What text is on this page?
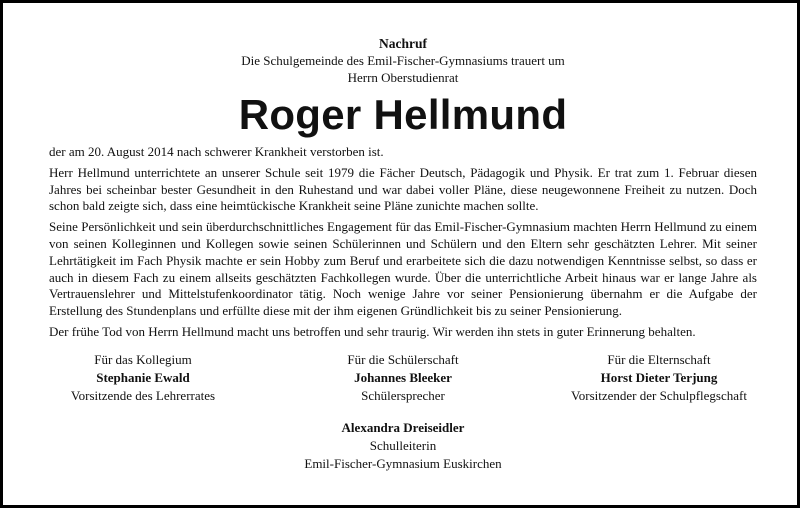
Nachruf
Die Schulgemeinde des Emil-Fischer-Gymnasiums trauert um
Herrn Oberstudienrat
Roger Hellmund

der am 20. August 2014 nach schwerer Krankheit verstorben ist.

Herr Hellmund unterrichtete an unserer Schule seit 1979 die Fächer Deutsch, Pädagogik und Physik. Er trat zum 1. Februar diesen Jahres bei scheinbar bester Gesundheit in den Ruhestand und war dabei voller Pläne, diese neugewonnene Freiheit zu nutzen. Doch schon bald zeigte sich, dass eine heimtückische Krankheit seine Pläne zunichte machen sollte.

Seine Persönlichkeit und sein überdurchschnittliches Engagement für das Emil-Fischer-Gymnasium machten Herrn Hellmund zu einem von seinen Kolleginnen und Kollegen sowie seinen Schülerinnen und Schülern und den Eltern sehr geschätzten Lehrer. Mit seiner Lehrtätigkeit im Fach Physik machte er sein Hobby zum Beruf und erarbeitete sich die dazu notwendigen Kenntnisse selbst, so dass er auch in diesem Fach zu einem allseits geschätzten Fachkollegen wurde. Über die unterrichtliche Arbeit hinaus war er lange Jahre als Vertrauenslehrer und Mittelstufenkoordinator tätig. Noch wenige Jahre vor seiner Pensionierung übernahm er die Aufgabe der Erstellung des Stundenplans und erfüllte diese mit der ihm eigenen Gründlichkeit bis zu seiner Pensionierung.

Der frühe Tod von Herrn Hellmund macht uns betroffen und sehr traurig. Wir werden ihn stets in guter Erinnerung behalten.

Für das Kollegium
Stephanie Ewald
Vorsitzende des Lehrerrates
Für die Schülerschaft
Johannes Bleeker
Schülersprecher
Für die Elternschaft
Horst Dieter Terjung
Vorsitzender der Schulpflegschaft
Alexandra Dreiseidler
Schulleiterin
Emil-Fischer-Gymnasium Euskirchen
